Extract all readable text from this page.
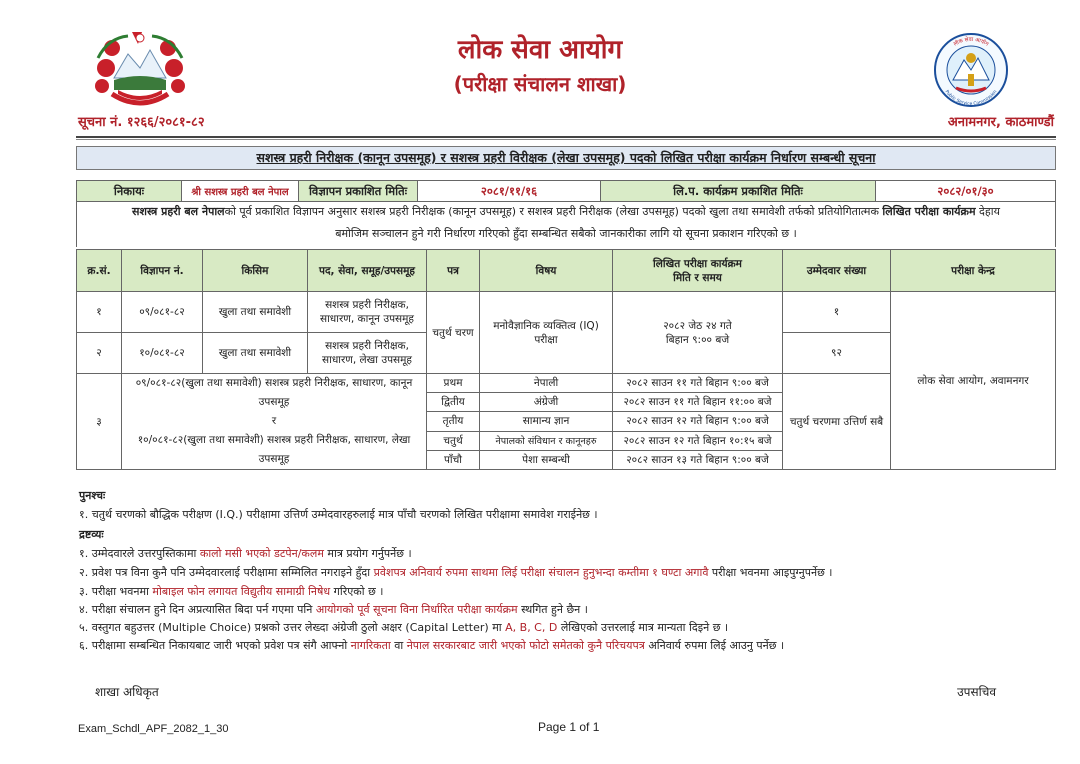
लोक सेवा आयोग
Public Service Commission
लोक सेवा आयोग
(परीक्षा संचालन शाखा)
सूचना नं. १२६६/२०८१-८२	अनामनगर, काठमाण्डौं
सशस्त्र प्रहरी निरीक्षक (कानून उपसमूह) र सशस्त्र प्रहरी विरीक्षक (लेखा उपसमूह) पदको लिखित परीक्षा कार्यक्रम निर्धारण सम्बन्धी सूचना
निकायः	श्री सशस्त्र प्रहरी बल नेपाल	विज्ञापन प्रकाशित मितिः	२०८१/११/१६	लि.प. कार्यक्रम प्रकाशित मितिः	२०८२/०१/३०
सशस्त्र प्रहरी बल नेपालको पूर्व प्रकाशित विज्ञापन अनुसार सशस्त्र प्रहरी निरीक्षक (कानून उपसमूह) र सशस्त्र प्रहरी निरीक्षक (लेखा उपसमूह) पदको खुला तथा समावेशी तर्फको प्रतियोगितात्मक लिखित परीक्षा कार्यक्रम देहाय
बमोजिम सञ्चालन हुने गरी निर्धारण गरिएको हुँदा सम्बन्धित सबैको जानकारीका लागि यो सूचना प्रकाशन गरिएको छ ।
क्र.सं.	विज्ञापन नं.	किसिम	पद, सेवा, समूह/उपसमूह	पत्र	विषय	लिखित परीक्षा कार्यक्रम
मिति र समय	उम्मेदवार संख्या	परीक्षा केन्द्र
१	०९/०८१-८२	खुला तथा समावेशी	सशस्त्र प्रहरी निरीक्षक,
साधारण, कानून उपसमूह	चतुर्थ चरण	मनोवैज्ञानिक व्यक्तित्व (IQ)
परीक्षा	२०८२ जेठ २४ गते
बिहान ९:०० बजे	१	लोक सेवा आयोग, अवामनगर
२	१०/०८१-८२	खुला तथा समावेशी	सशस्त्र प्रहरी निरीक्षक,
साधारण, लेखा उपसमूह				९२	
३	०९/०८१-८२(खुला तथा समावेशी) सशस्त्र प्रहरी निरीक्षक, साधारण, कानून
उपसमूह
र
१०/०८१-८२(खुला तथा समावेशी) सशस्त्र प्रहरी निरीक्षक, साधारण, लेखा
उपसमूह			प्रथम	नेपाली	२०८२ साउन ११ गते बिहान ९:०० बजे	चतुर्थ चरणमा उत्तिर्ण सबै	
				द्वितीय	अंग्रेजी	२०८२ साउन ११ गते बिहान ११:०० बजे		
				तृतीय	सामान्य ज्ञान	२०८२ साउन १२ गते बिहान ९:०० बजे		
				चतुर्थ	नेपालको संविधान र कानूनहरु	२०८२ साउन १२ गते बिहान १०:१५ बजे		
				पाँचौ	पेशा सम्बन्धी	२०८२ साउन १३ गते बिहान ९:०० बजे		
पुनश्चः
१. चतुर्थ चरणको बौद्धिक परीक्षण (I.Q.) परीक्षामा उत्तिर्ण उम्मेदवारहरुलाई मात्र पाँचौ चरणको लिखित परीक्षामा समावेश गराईनेछ ।
द्रष्टव्यः
१. उम्मेदवारले उत्तरपुस्तिकामा कालो मसी भएको डटपेन/कलम मात्र प्रयोग गर्नुपर्नेछ ।
२. प्रवेश पत्र विना कुनै पनि उम्मेदवारलाई परीक्षामा सम्मिलित नगराइने हुँदा प्रवेशपत्र अनिवार्य रुपमा साथमा लिई परीक्षा संचालन हुनुभन्दा कम्तीमा १ घण्टा अगावै परीक्षा भवनमा आइपुग्नुपर्नेछ ।
३. परीक्षा भवनमा मोबाइल फोन लगायत विद्युतीय सामाग्री निषेध गरिएको छ ।
४. परीक्षा संचालन हुने दिन अप्रत्यासित बिदा पर्न गएमा पनि आयोगको पूर्व सूचना विना निर्धारित परीक्षा कार्यक्रम स्थगित हुने छैन ।
५. वस्तुगत बहुउत्तर (Multiple Choice) प्रश्नको उत्तर लेख्दा अंग्रेजी ठुलो अक्षर (Capital Letter) मा A, B, C, D लेखिएको उत्तरलाई मात्र मान्यता दिइने छ ।
६. परीक्षामा सम्बन्धित निकायबाट जारी भएको प्रवेश पत्र संगै आफ्नो नागरिकता वा नेपाल सरकारबाट जारी भएको फोटो समेतको कुनै परिचयपत्र अनिवार्य रुपमा लिई आउनु पर्नेछ ।
शाखा अधिकृत	उपसचिव
Exam_Schdl_APF_2082_1_30	Page 1 of 1
